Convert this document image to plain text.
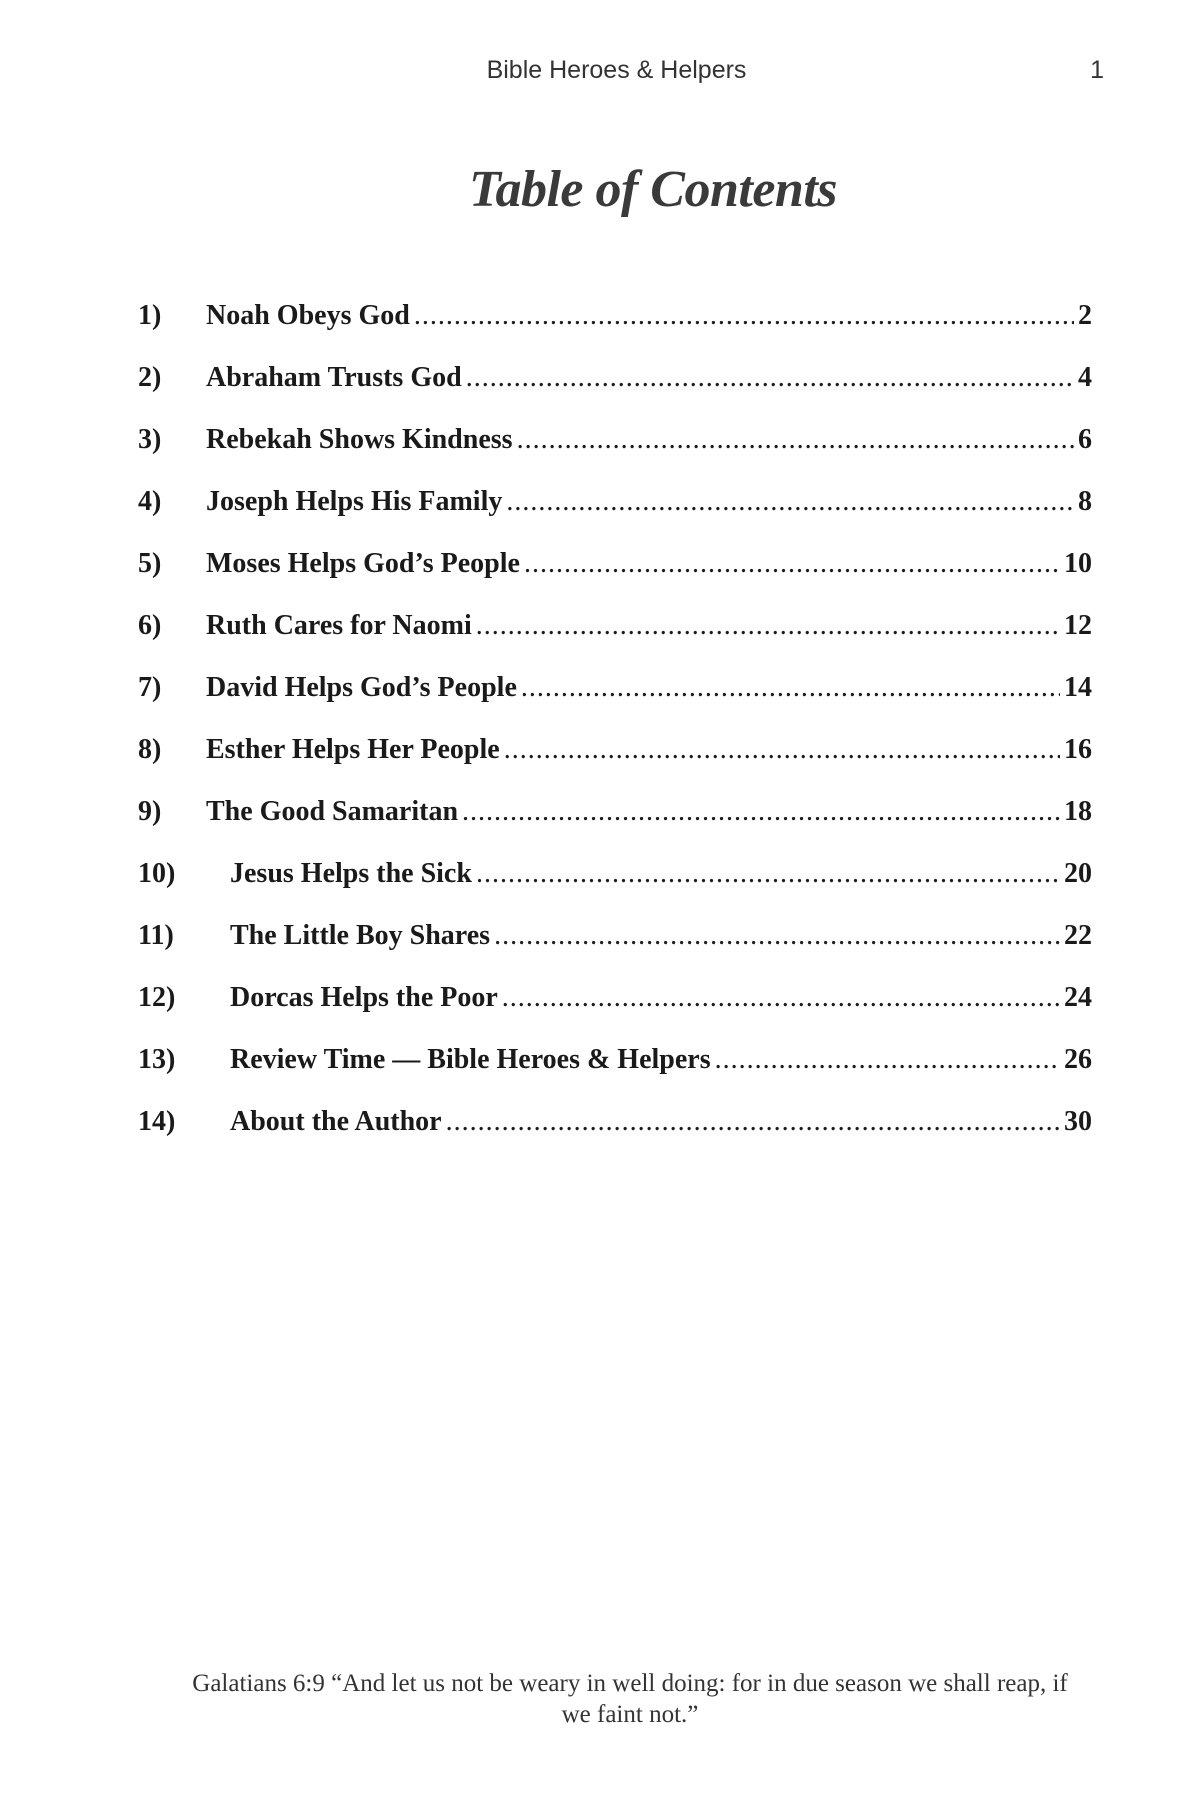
Bible Heroes & Helpers	1
Table of Contents
1)	Noah Obeys God .....	2
2)	Abraham Trusts God .....	4
3)	Rebekah Shows Kindness .....	6
4)	Joseph Helps His Family .....	8
5)	Moses Helps God’s People .....	10
6)	Ruth Cares for Naomi .....	12
7)	David Helps God’s People .....	14
8)	Esther Helps Her People .....	16
9)	The Good Samaritan .....	18
10)	Jesus Helps the Sick .....	20
11)	The Little Boy Shares .....	22
12)	Dorcas Helps the Poor .....	24
13)	Review Time — Bible Heroes & Helpers .....	26
14)	About the Author .....	30

Galatians 6:9 “And let us not be weary in well doing: for in due season we shall reap, if we faint not.”
